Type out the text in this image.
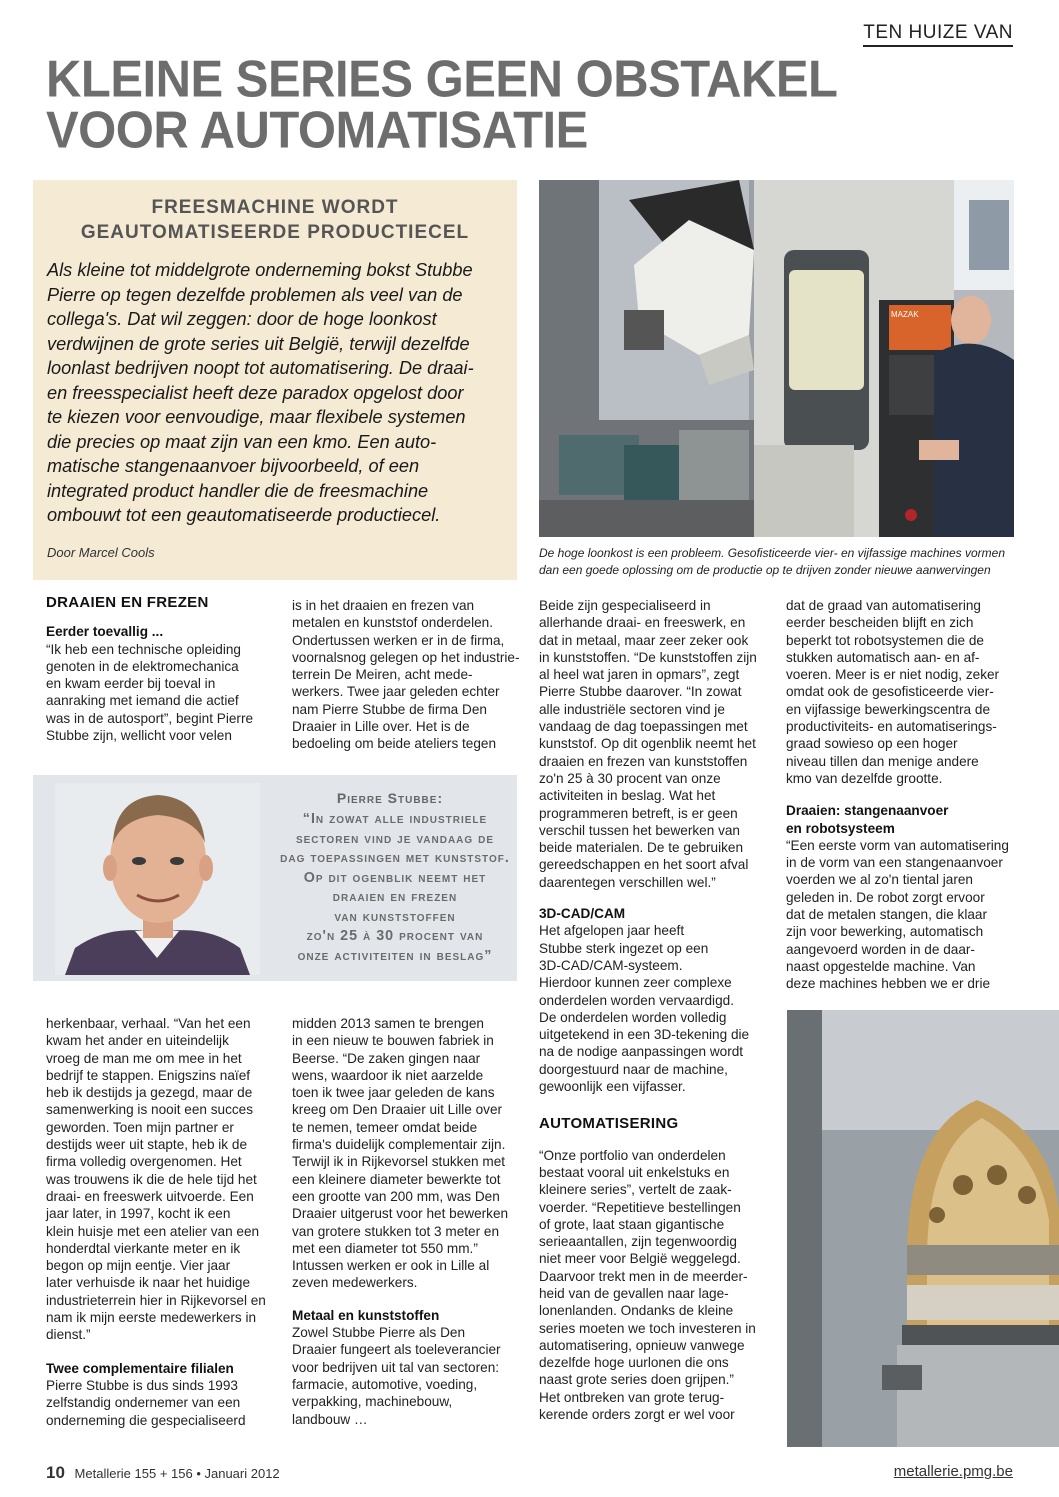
TEN HUIZE VAN
KLEINE SERIES GEEN OBSTAKEL
VOOR AUTOMATISATIE
FREESMACHINE WORDT
GEAUTOMATISEERDE PRODUCTIECEL
Als kleine tot middelgrote onderneming bokst Stubbe
Pierre op tegen dezelfde problemen als veel van de
collega's. Dat wil zeggen: door de hoge loonkost
verdwijnen de grote series uit België, terwijl dezelfde
loonlast bedrijven noopt tot automatisering. De draai-
en freesspecialist heeft deze paradox opgelost door
te kiezen voor eenvoudige, maar flexibele systemen
die precies op maat zijn van een kmo. Een auto-
matische stangenaanvoer bijvoorbeeld, of een
integrated product handler die de freesmachine
ombouwt tot een geautomatiseerde productiecel.
Door Marcel Cools
MAZAK
De hoge loonkost is een probleem. Gesofisticeerde vier- en vijfassige machines vormen
dan een goede oplossing om de productie op te drijven zonder nieuwe aanwervingen
DRAAIEN EN FREZEN
Eerder toevallig ...

“Ik heb een technische opleiding

genoten in de elektromechanica

en kwam eerder bij toeval in

aanraking met iemand die actief

was in de autosport”, begint Pierre

Stubbe zijn, wellicht voor velen

is in het draaien en frezen van

metalen en kunststof onderdelen.

Ondertussen werken er in de firma,

voornalsnog gelegen op het industrie-

terrein De Meiren, acht mede-

werkers. Twee jaar geleden echter

nam Pierre Stubbe de firma Den

Draaier in Lille over. Het is de

bedoeling om beide ateliers tegen

Pierre Stubbe:
“In zowat alle industriele
sectoren vind je vandaag de
dag toepassingen met kunststof.
Op dit ogenblik neemt het
draaien en frezen
van kunststoffen
zo'n 25 à 30 procent van
onze activiteiten in beslag”

herkenbaar, verhaal. “Van het een

kwam het ander en uiteindelijk

vroeg de man me om mee in het

bedrijf te stappen. Enigszins naïef

heb ik destijds ja gezegd, maar de

samenwerking is nooit een succes

geworden. Toen mijn partner er

destijds weer uit stapte, heb ik de

firma volledig overgenomen. Het

was trouwens ik die de hele tijd het

draai- en freeswerk uitvoerde. Een

jaar later, in 1997, kocht ik een

klein huisje met een atelier van een

honderdtal vierkante meter en ik

begon op mijn eentje. Vier jaar

later verhuisde ik naar het huidige

industrieterrein hier in Rijkevorsel en

nam ik mijn eerste medewerkers in

dienst.”

Twee complementaire filialen

Pierre Stubbe is dus sinds 1993

zelfstandig ondernemer van een

onderneming die gespecialiseerd

midden 2013 samen te brengen

in een nieuw te bouwen fabriek in

Beerse. “De zaken gingen naar

wens, waardoor ik niet aarzelde

toen ik twee jaar geleden de kans

kreeg om Den Draaier uit Lille over

te nemen, temeer omdat beide

firma's duidelijk complementair zijn.

Terwijl ik in Rijkevorsel stukken met

een kleinere diameter bewerkte tot

een grootte van 200 mm, was Den

Draaier uitgerust voor het bewerken

van grotere stukken tot 3 meter en

met een diameter tot 550 mm.”

Intussen werken er ook in Lille al

zeven medewerkers.

Metaal en kunststoffen

Zowel Stubbe Pierre als Den

Draaier fungeert als toeleverancier

voor bedrijven uit tal van sectoren:

farmacie, automotive, voeding,

verpakking, machinebouw,

landbouw …

Beide zijn gespecialiseerd in

allerhande draai- en freeswerk, en

dat in metaal, maar zeer zeker ook

in kunststoffen. “De kunststoffen zijn

al heel wat jaren in opmars”, zegt

Pierre Stubbe daarover. “In zowat

alle industriële sectoren vind je

vandaag de dag toepassingen met

kunststof. Op dit ogenblik neemt het

draaien en frezen van kunststoffen

zo'n 25 à 30 procent van onze

activiteiten in beslag. Wat het

programmeren betreft, is er geen

verschil tussen het bewerken van

beide materialen. De te gebruiken

gereedschappen en het soort afval

daarentegen verschillen wel.”

3D-CAD/CAM

Het afgelopen jaar heeft

Stubbe sterk ingezet op een

3D-CAD/CAM-systeem.

Hierdoor kunnen zeer complexe

onderdelen worden vervaardigd.

De onderdelen worden volledig

uitgetekend in een 3D-tekening die

na de nodige aanpassingen wordt

doorgestuurd naar de machine,

gewoonlijk een vijfasser.

AUTOMATISERING

“Onze portfolio van onderdelen

bestaat vooral uit enkelstuks en

kleinere series”, vertelt de zaak-

voerder. “Repetitieve bestellingen

of grote, laat staan gigantische

serieaantallen, zijn tegenwoordig

niet meer voor België weggelegd.

Daarvoor trekt men in de meerder-

heid van de gevallen naar lage-

lonenlanden. Ondanks de kleine

series moeten we toch investeren in

automatisering, opnieuw vanwege

dezelfde hoge uurlonen die ons

naast grote series doen grijpen.”

Het ontbreken van grote terug-

kerende orders zorgt er wel voor

dat de graad van automatisering

eerder bescheiden blijft en zich

beperkt tot robotsystemen die de

stukken automatisch aan- en af-

voeren. Meer is er niet nodig, zeker

omdat ook de gesofisticeerde vier-

en vijfassige bewerkingscentra de

productiviteits- en automatiserings-

graad sowieso op een hoger

niveau tillen dan menige andere

kmo van dezelfde grootte.

Draaien: stangenaanvoer
en robotsysteem

“Een eerste vorm van automatisering

in de vorm van een stangenaanvoer

voerden we al zo'n tiental jaren

geleden in. De robot zorgt ervoor

dat de metalen stangen, die klaar

zijn voor bewerking, automatisch

aangevoerd worden in de daar-

naast opgestelde machine. Van

deze machines hebben we er drie

10 Metallerie 155 + 156 • Januari 2012	metallerie.pmg.be
